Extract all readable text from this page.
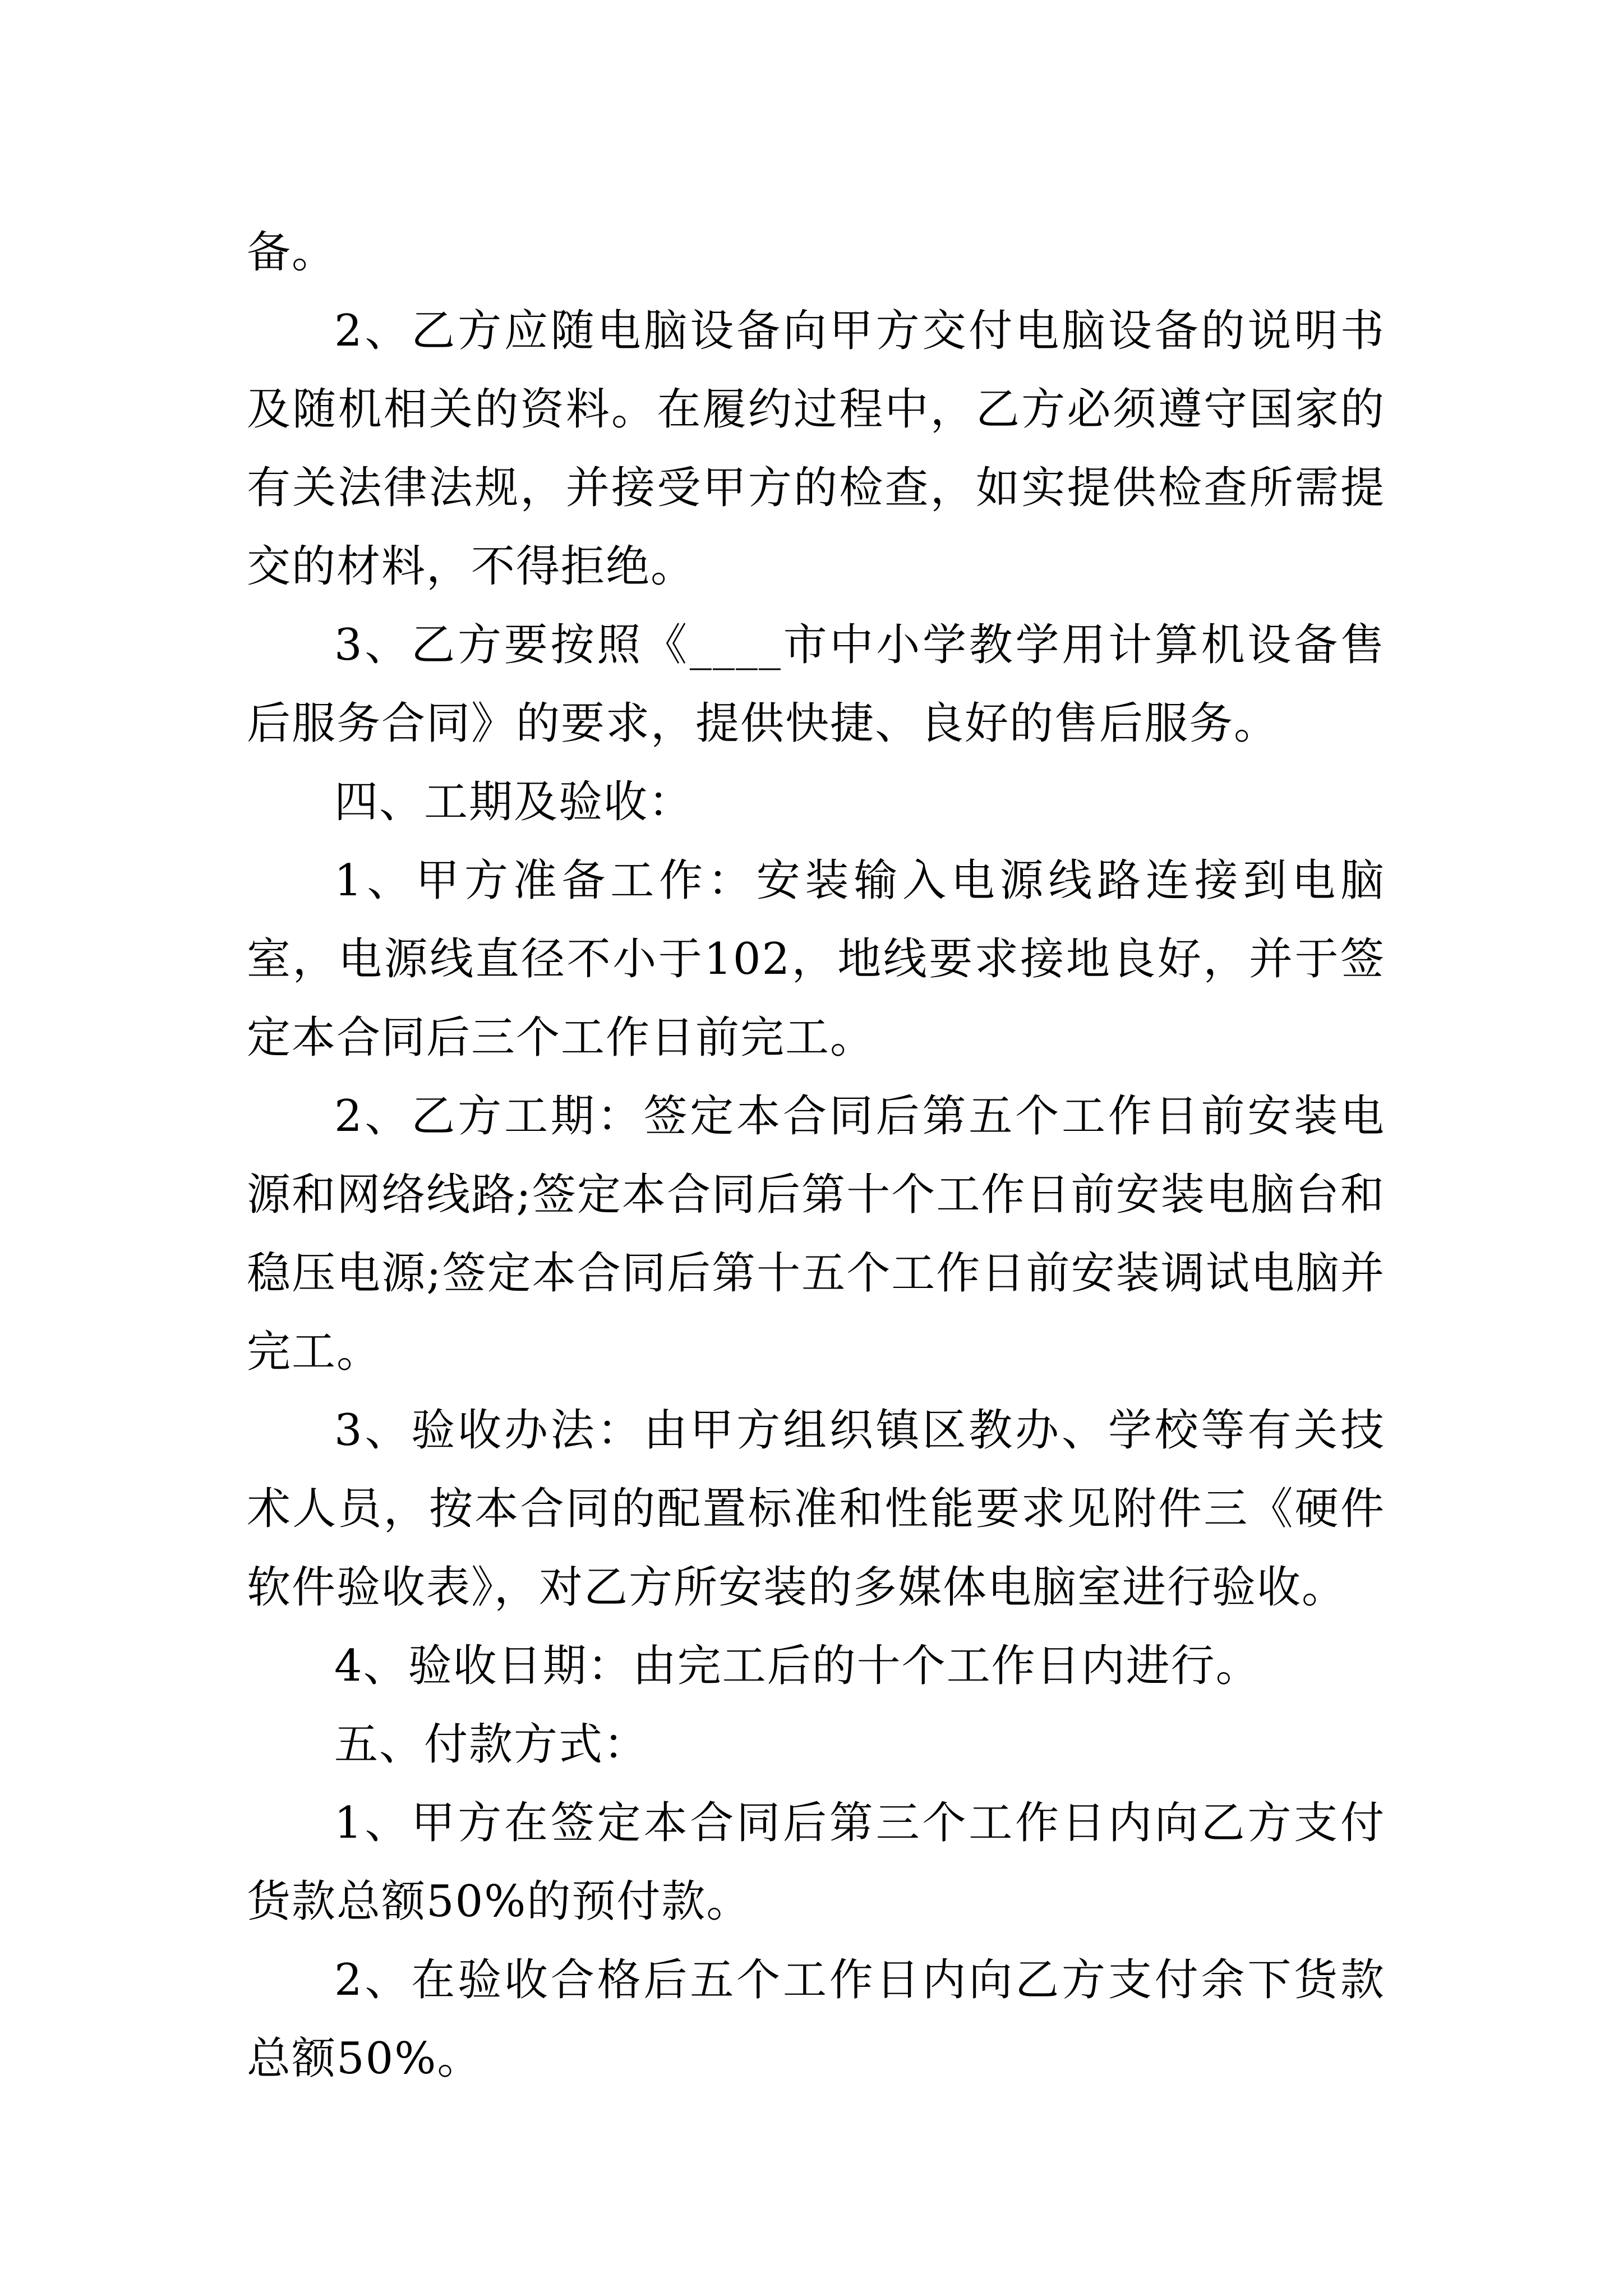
备。

2、乙方应随电脑设备向甲方交付电脑设备的说明书及随机相关的资料。在履约过程中，乙方必须遵守国家的有关法律法规，并接受甲方的检查，如实提供检查所需提交的材料，不得拒绝。

3、乙方要按照《____市中小学教学用计算机设备售后服务合同》的要求，提供快捷、良好的售后服务。

四、工期及验收：

1、甲方准备工作：安装输入电源线路连接到电脑室，电源线直径不小于102，地线要求接地良好，并于签定本合同后三个工作日前完工。

2、乙方工期：签定本合同后第五个工作日前安装电源和网络线路;签定本合同后第十个工作日前安装电脑台和稳压电源;签定本合同后第十五个工作日前安装调试电脑并完工。

3、验收办法：由甲方组织镇区教办、学校等有关技术人员，按本合同的配置标准和性能要求见附件三《硬件软件验收表》，对乙方所安装的多媒体电脑室进行验收。

4、验收日期：由完工后的十个工作日内进行。

五、付款方式：

1、甲方在签定本合同后第三个工作日内向乙方支付货款总额50%的预付款。

2、在验收合格后五个工作日内向乙方支付余下货款总额50%。
